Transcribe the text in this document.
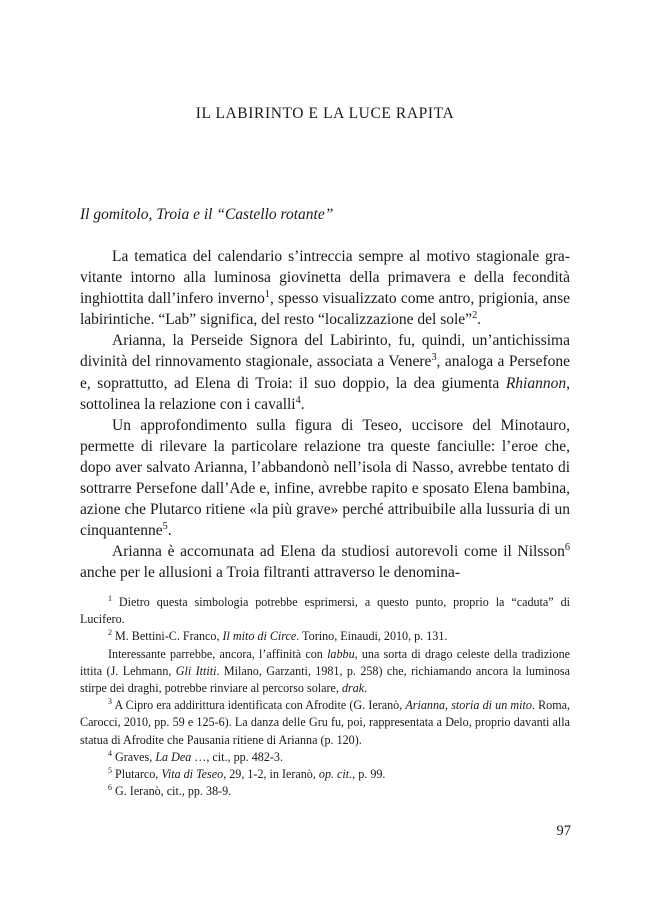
IL LABIRINTO E LA LUCE RAPITA
Il gomitolo, Troia e il “Castello rotante”

La tematica del calendario s’intreccia sempre al motivo stagionale gravitante intorno alla luminosa giovinetta della primavera e della fecondità inghiottita dall’infero inverno$^1$, spesso visualizzato come antro, prigionia, anse labirintiche. “Lab” significa, del resto “localizzazione del sole”$^2$.

Arianna, la Perseide Signora del Labirinto, fu, quindi, un’antichissima divinità del rinnovamento stagionale, associata a Venere$^3$, analoga a Persefone e, soprattutto, ad Elena di Troia: il suo doppio, la dea giumenta Rhiannon, sottolinea la relazione con i cavalli$^4$.

Un approfondimento sulla figura di Teseo, uccisore del Minotauro, permette di rilevare la particolare relazione tra queste fanciulle: l’eroe che, dopo aver salvato Arianna, l’abbandonò nell’isola di Nasso, avrebbe tentato di sottrarre Persefone dall’Ade e, infine, avrebbe rapito e sposato Elena bambina, azione che Plutarco ritiene «la più grave» perché attribuibile alla lussuria di un cinquantenne$^5$.

Arianna è accomunata ad Elena da studiosi autorevoli come il Nilsson$^6$ anche per le allusioni a Troia filtranti attraverso le denomina-

$^1$ Dietro questa simbologia potrebbe esprimersi, a questo punto, proprio la “caduta” di Lucifero.

$^2$ M. Bettini-C. Franco, Il mito di Circe. Torino, Einaudi, 2010, p. 131.

Interessante parrebbe, ancora, l’affinità con labbu, una sorta di drago celeste della tradizione ittita (J. Lehmann, Gli Ittiti. Milano, Garzanti, 1981, p. 258) che, richiamando ancora la luminosa stirpe dei draghi, potrebbe rinviare al percorso solare, drak.

$^3$ A Cipro era addirittura identificata con Afrodite (G. Ieranò, Arianna, storia di un mito. Roma, Carocci, 2010, pp. 59 e 125-6). La danza delle Gru fu, poi, rappresentata a Delo, proprio davanti alla statua di Afrodite che Pausania ritiene di Arianna (p. 120).

$^4$ Graves, La Dea …, cit., pp. 482-3.

$^5$ Plutarco, Vita di Teseo, 29, 1-2, in Ieranò, op. cit., p. 99.

$^6$ G. Ieranò, cit., pp. 38-9.

97
